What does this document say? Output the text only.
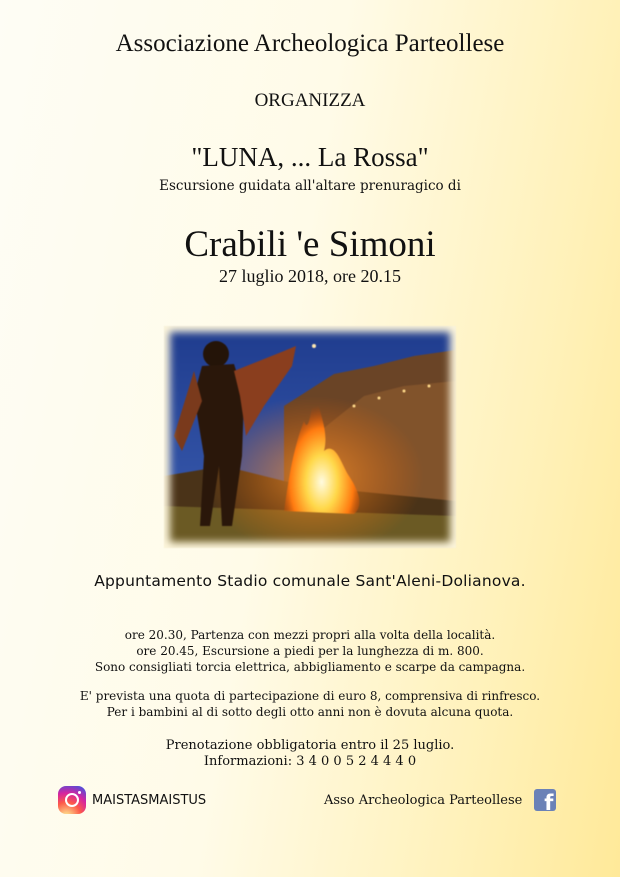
Associazione Archeologica Parteollese
ORGANIZZA
"LUNA, ... La Rossa"
Escursione guidata all'altare prenuragico di
Crabili 'e Simoni
27 luglio 2018, ore 20.15
Appuntamento Stadio comunale Sant'Aleni-Dolianova.
ore 20.30, Partenza con mezzi propri alla volta della località.
ore 20.45, Escursione a piedi per la lunghezza di m. 800.
Sono consigliati torcia elettrica, abbigliamento e scarpe da campagna.
E' prevista una quota di partecipazione di euro 8, comprensiva di rinfresco.
Per i bambini al di sotto degli otto anni non è dovuta alcuna quota.
Prenotazione obbligatoria entro il 25 luglio.
Informazioni: 3 4 0 0 5 2 4 4 4 0
MAISTASMAISTUS	Asso Archeologica Parteollese f
